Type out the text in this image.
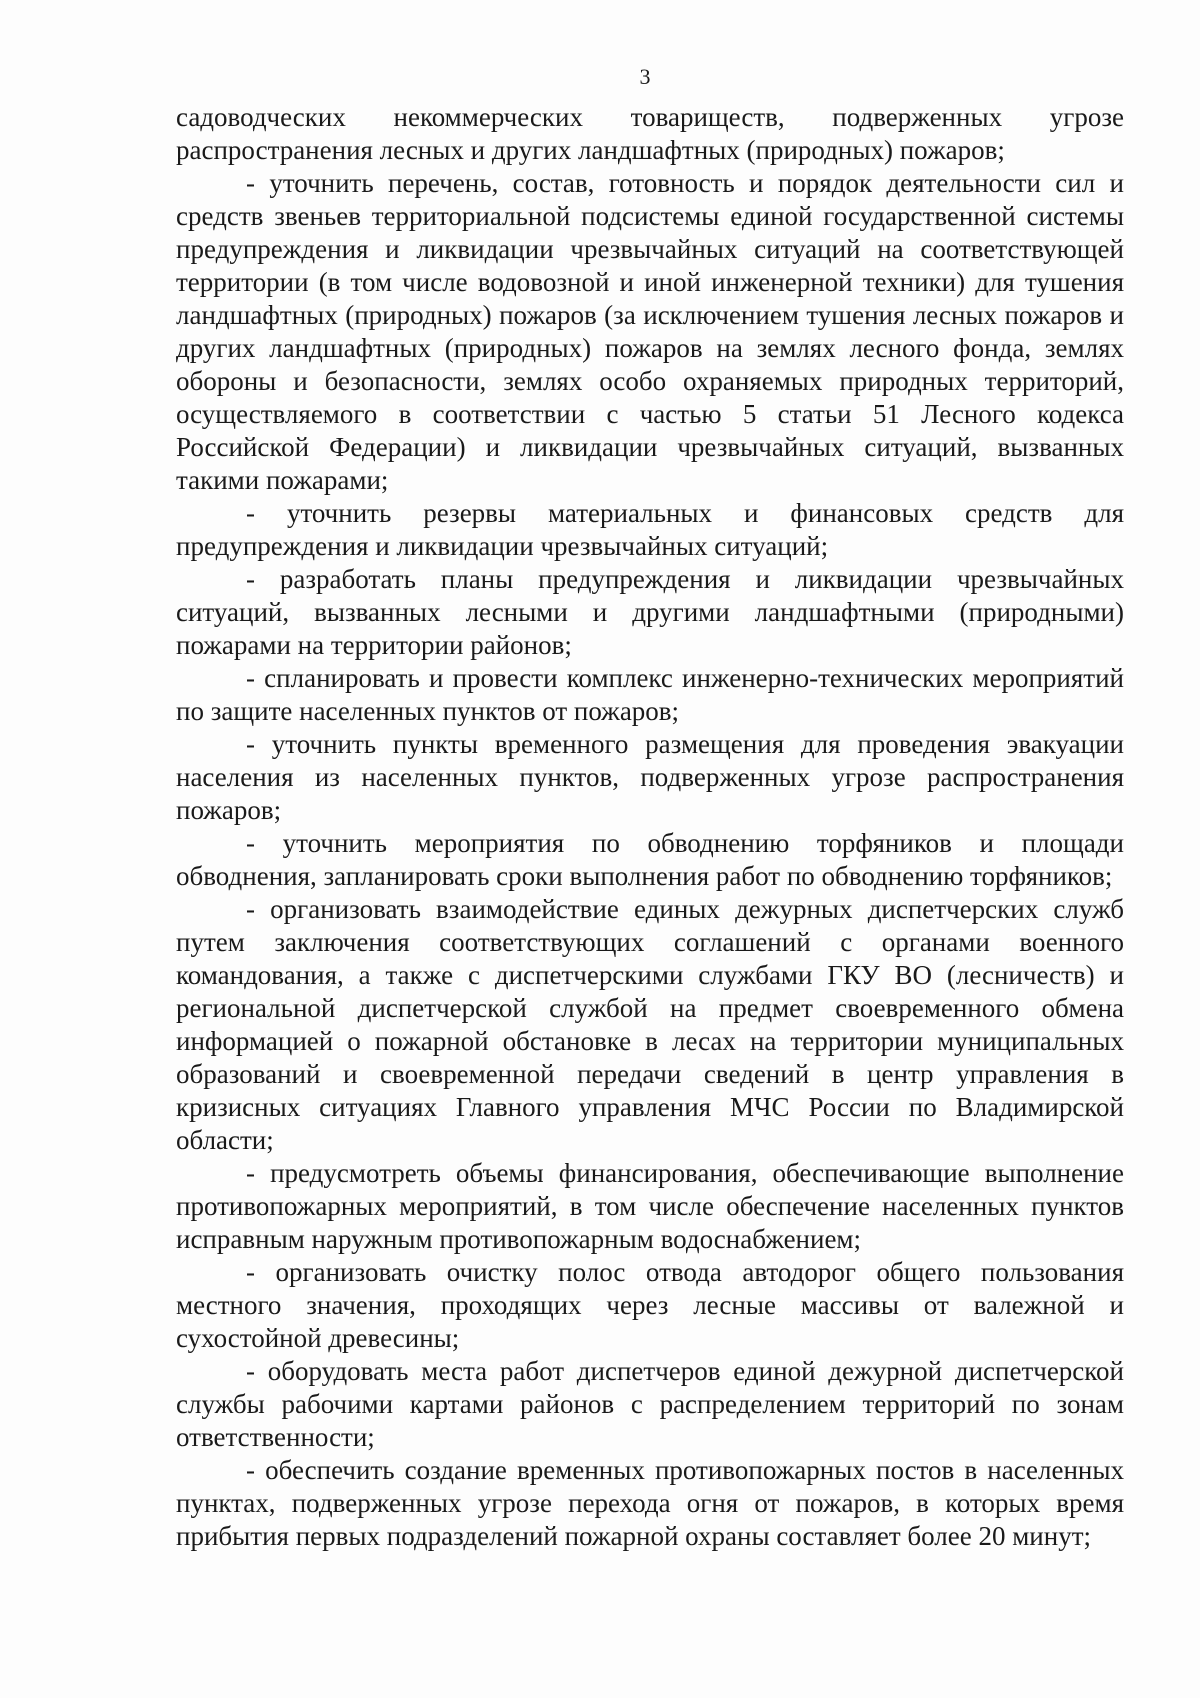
3

садоводческих некоммерческих товариществ, подверженных угрозе распространения лесных и других ландшафтных (природных) пожаров;

- уточнить перечень, состав, готовность и порядок деятельности сил и средств звеньев территориальной подсистемы единой государственной системы предупреждения и ликвидации чрезвычайных ситуаций на соответствующей территории (в том числе водовозной и иной инженерной техники) для тушения ландшафтных (природных) пожаров (за исключением тушения лесных пожаров и других ландшафтных (природных) пожаров на землях лесного фонда, землях обороны и безопасности, землях особо охраняемых природных территорий, осуществляемого в соответствии с частью 5 статьи 51 Лесного кодекса Российской Федерации) и ликвидации чрезвычайных ситуаций, вызванных такими пожарами;

- уточнить резервы материальных и финансовых средств для предупреждения и ликвидации чрезвычайных ситуаций;

- разработать планы предупреждения и ликвидации чрезвычайных ситуаций, вызванных лесными и другими ландшафтными (природными) пожарами на территории районов;

- спланировать и провести комплекс инженерно-технических мероприятий по защите населенных пунктов от пожаров;

- уточнить пункты временного размещения для проведения эвакуации населения из населенных пунктов, подверженных угрозе распространения пожаров;

- уточнить мероприятия по обводнению торфяников и площади обводнения, запланировать сроки выполнения работ по обводнению торфяников;

- организовать взаимодействие единых дежурных диспетчерских служб путем заключения соответствующих соглашений с органами военного командования, а также с диспетчерскими службами ГКУ ВО (лесничеств) и региональной диспетчерской службой на предмет своевременного обмена информацией о пожарной обстановке в лесах на территории муниципальных образований и своевременной передачи сведений в центр управления в кризисных ситуациях Главного управления МЧС России по Владимирской области;

- предусмотреть объемы финансирования, обеспечивающие выполнение противопожарных мероприятий, в том числе обеспечение населенных пунктов исправным наружным противопожарным водоснабжением;

- организовать очистку полос отвода автодорог общего пользования местного значения, проходящих через лесные массивы от валежной и сухостойной древесины;

- оборудовать места работ диспетчеров единой дежурной диспетчерской службы рабочими картами районов с распределением территорий по зонам ответственности;

- обеспечить создание временных противопожарных постов в населенных пунктах, подверженных угрозе перехода огня от пожаров, в которых время прибытия первых подразделений пожарной охраны составляет более 20 минут;
